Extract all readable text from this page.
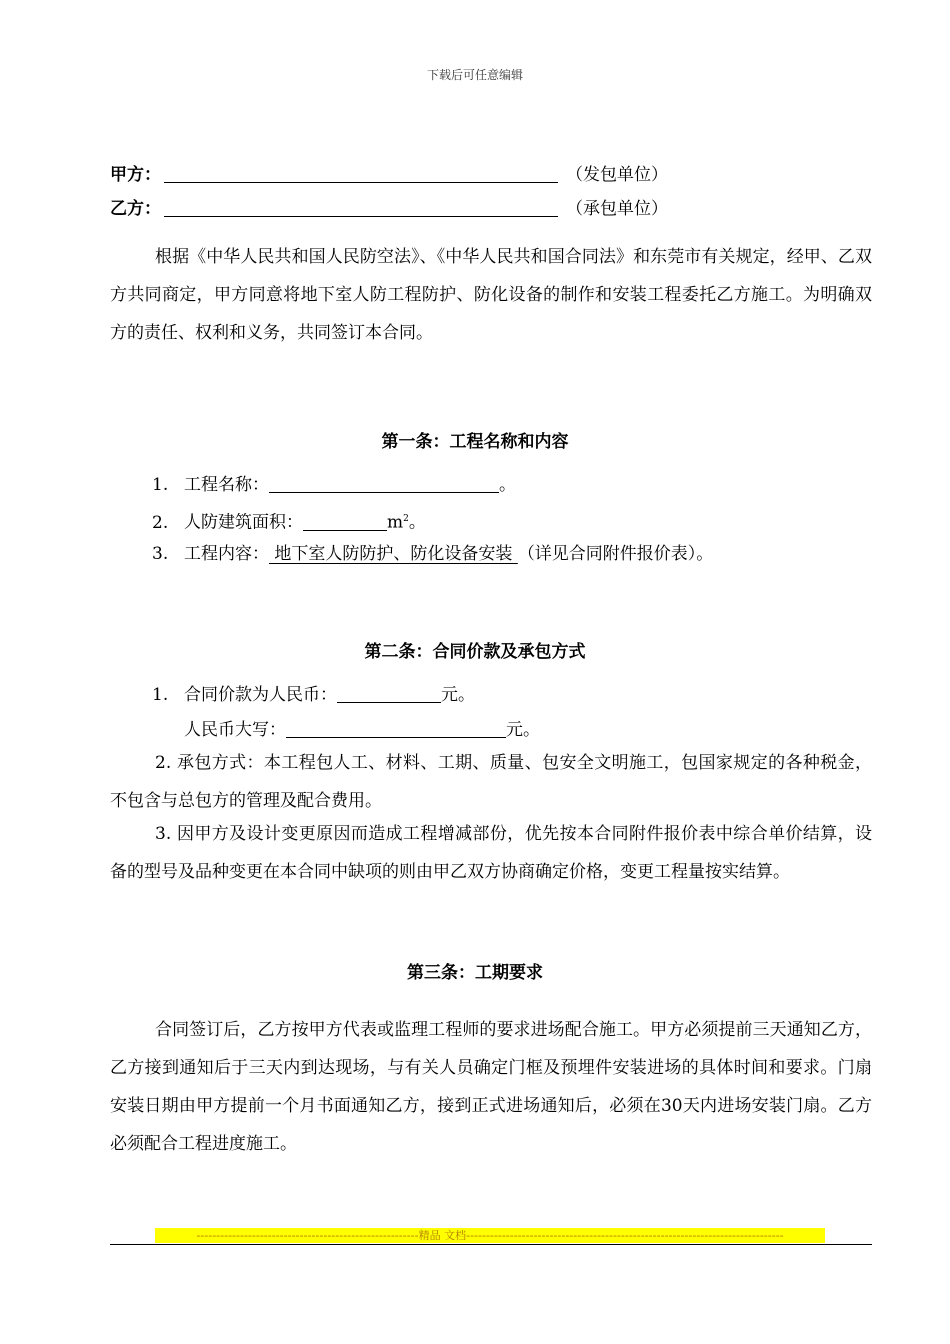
下载后可任意编辑
甲方：	（发包单位）
乙方：	（承包单位）
根据《中华人民共和国人民防空法》、《中华人民共和国合同法》和东莞市有关规定，经甲、乙双方共同商定，甲方同意将地下室人防工程防护、防化设备的制作和安装工程委托乙方施工。为明确双方的责任、权利和义务，共同签订本合同。
第一条：工程名称和内容
1. 工程名称：	。
2. 人防建筑面积：	$m^2$。
3. 工程内容： 地下室人防防护、防化设备安装 （详见合同附件报价表）。
第二条：合同价款及承包方式
1. 合同价款为人民币：	元。
人民币大写：	元。
2. 承包方式：本工程包人工、材料、工期、质量、包安全文明施工，包国家规定的各种税金，不包含与总包方的管理及配合费用。
3. 因甲方及设计变更原因而造成工程增减部份，优先按本合同附件报价表中综合单价结算，设备的型号及品种变更在本合同中缺项的则由甲乙双方协商确定价格，变更工程量按实结算。
第三条：工期要求
合同签订后，乙方按甲方代表或监理工程师的要求进场配合施工。甲方必须提前三天通知乙方，乙方接到通知后于三天内到达现场，与有关人员确定门框及预埋件安装进场的具体时间和要求。门扇安装日期由甲方提前一个月书面通知乙方，接到正式进场通知后，必须在30天内进场安装门扇。乙方必须配合工程进度施工。
--------------------------------------------------------精品 文档--------------------------------------------------------------------------------
